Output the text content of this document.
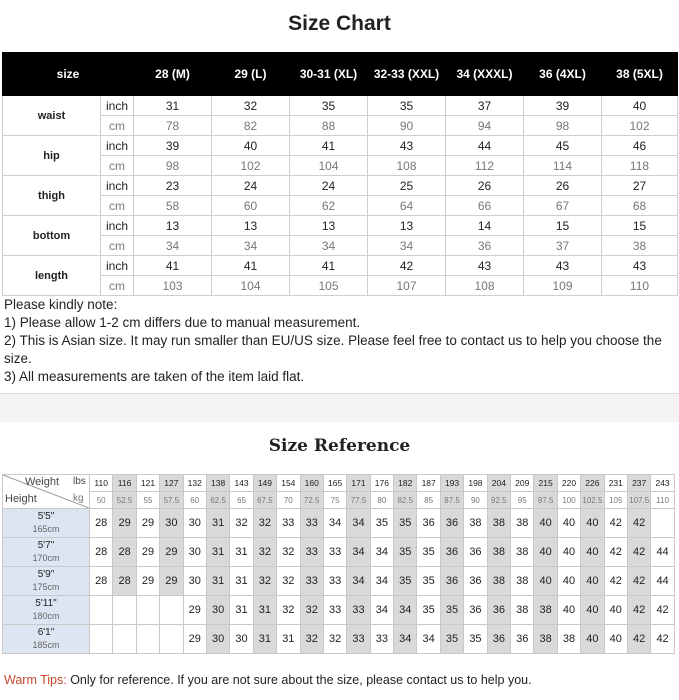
Size Chart
size		28 (M)	29 (L)	30-31 (XL)	32-33 (XXL)	34 (XXXL)	36 (4XL)	38 (5XL)
waist	inch	31	32	35	35	37	39	40
	cm	78	82	88	90	94	98	102
hip	inch	39	40	41	43	44	45	46
	cm	98	102	104	108	112	114	118
thigh	inch	23	24	24	25	26	26	27
	cm	58	60	62	64	66	67	68
bottom	inch	13	13	13	13	14	15	15
	cm	34	34	34	34	36	37	38
length	inch	41	41	41	42	43	43	43
	cm	103	104	105	107	108	109	110
Please kindly note:
1) Please allow 1-2 cm differs due to manual measurement.
2) This is Asian size. It may run smaller than EU/US size. Please feel free to contact us to help you choose the size.
3) All measurements are taken of the item laid flat.
Size Reference
Weight lbs
Height kg	110	116	121	127	132	138	143	149	154	160	165	171	176	182	187	193	198	204	209	215	220	226	231	237	243
	50	52.5	55	57.5	60	62.5	65	67.5	70	72.5	75	77.5	80	82.5	85	87.5	90	92.5	95	97.5	100	102.5	105	107.5	110

5'5"
165cm	28	29	29	30	30	31	32	32	33	33	34	34	35	35	36	36	38	38	38	40	40	40	42	42	

5'7"
170cm	28	28	29	29	30	31	31	32	32	33	33	34	34	35	35	36	36	38	38	40	40	40	42	42	44

5'9"
175cm	28	28	29	29	30	31	31	32	32	33	33	34	34	35	35	36	36	38	38	40	40	40	42	42	44

5'11"
180cm					29	30	31	31	32	32	33	33	34	34	35	35	36	36	38	38	40	40	40	42	42

6'1"
185cm					29	30	30	31	31	32	32	33	33	34	34	35	35	36	36	38	38	40	40	42	42
Warm Tips: Only for reference. If you are not sure about the size, please contact us to help you.
